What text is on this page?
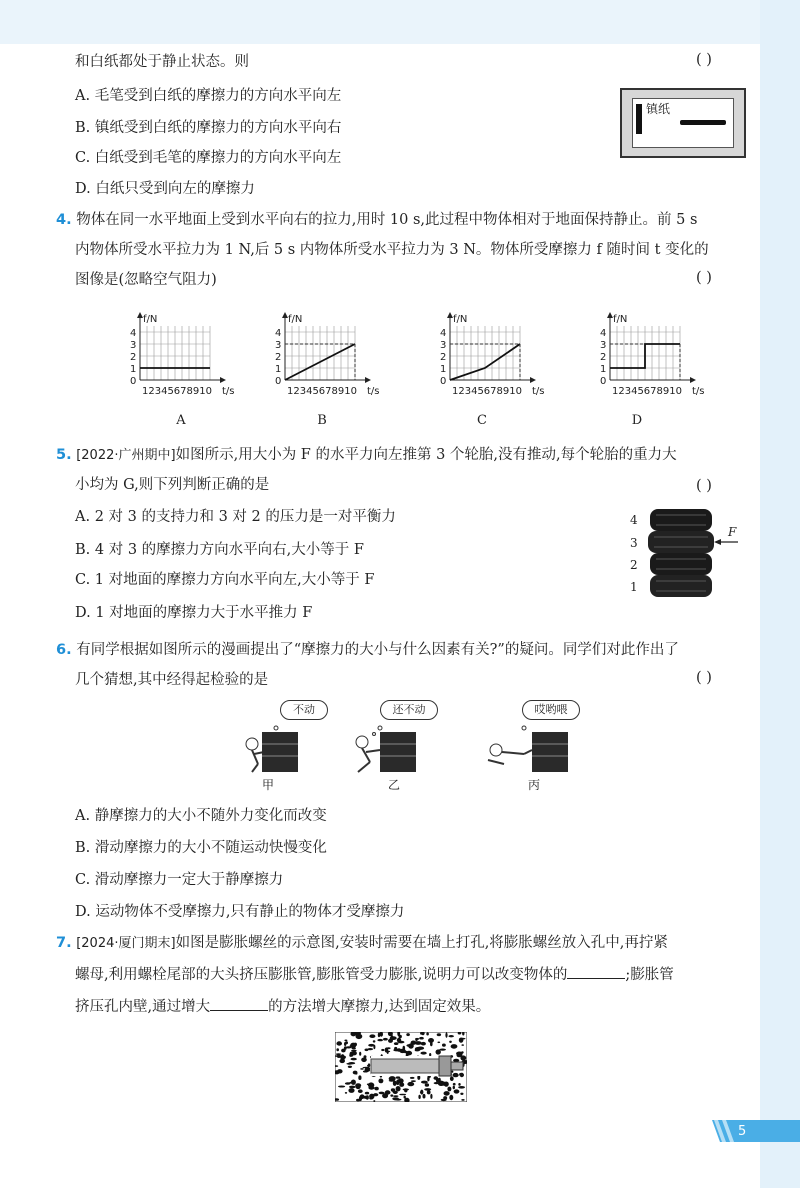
和白纸都处于静止状态。则	( )
A. 毛笔受到白纸的摩擦力的方向水平向左
B. 镇纸受到白纸的摩擦力的方向水平向右
C. 白纸受到毛笔的摩擦力的方向水平向左
D. 白纸只受到向左的摩擦力
镇纸
4. 物体在同一水平地面上受到水平向右的拉力,用时 10 s,此过程中物体相对于地面保持静止。前 5 s
内物体所受水平拉力为 1 N,后 5 s 内物体所受水平拉力为 3 N。物体所受摩擦力 f 随时间 t 变化的
图像是(忽略空气阻力)	( )
f/N
t/s
0
1
2
3
4
12345678910
f/N
t/s
0
1
2
3
4
12345678910
f/N
t/s
0
1
2
3
4
12345678910
f/N
t/s
0
1
2
3
4
12345678910
A	B	C	D
5. [2022·广州期中]如图所示,用大小为 F 的水平力向左推第 3 个轮胎,没有推动,每个轮胎的重力大
小均为 G,则下列判断正确的是	( )
A. 2 对 3 的支持力和 3 对 2 的压力是一对平衡力
B. 4 对 3 的摩擦力方向水平向右,大小等于 F
C. 1 对地面的摩擦力方向水平向左,大小等于 F
D. 1 对地面的摩擦力大于水平推力 F
4
3
2
1
F
6. 有同学根据如图所示的漫画提出了“摩擦力的大小与什么因素有关?”的疑问。同学们对此作出了
几个猜想,其中经得起检验的是	( )
不动
甲
还不动
乙
哎哟喂
丙
A. 静摩擦力的大小不随外力变化而改变
B. 滑动摩擦力的大小不随运动快慢变化
C. 滑动摩擦力一定大于静摩擦力
D. 运动物体不受摩擦力,只有静止的物体才受摩擦力
7. [2024·厦门期末]如图是膨胀螺丝的示意图,安装时需要在墙上打孔,将膨胀螺丝放入孔中,再拧紧
螺母,利用螺栓尾部的大头挤压膨胀管,膨胀管受力膨胀,说明力可以改变物体的	;膨胀管
挤压孔内壁,通过增大	的方法增大摩擦力,达到固定效果。
5
